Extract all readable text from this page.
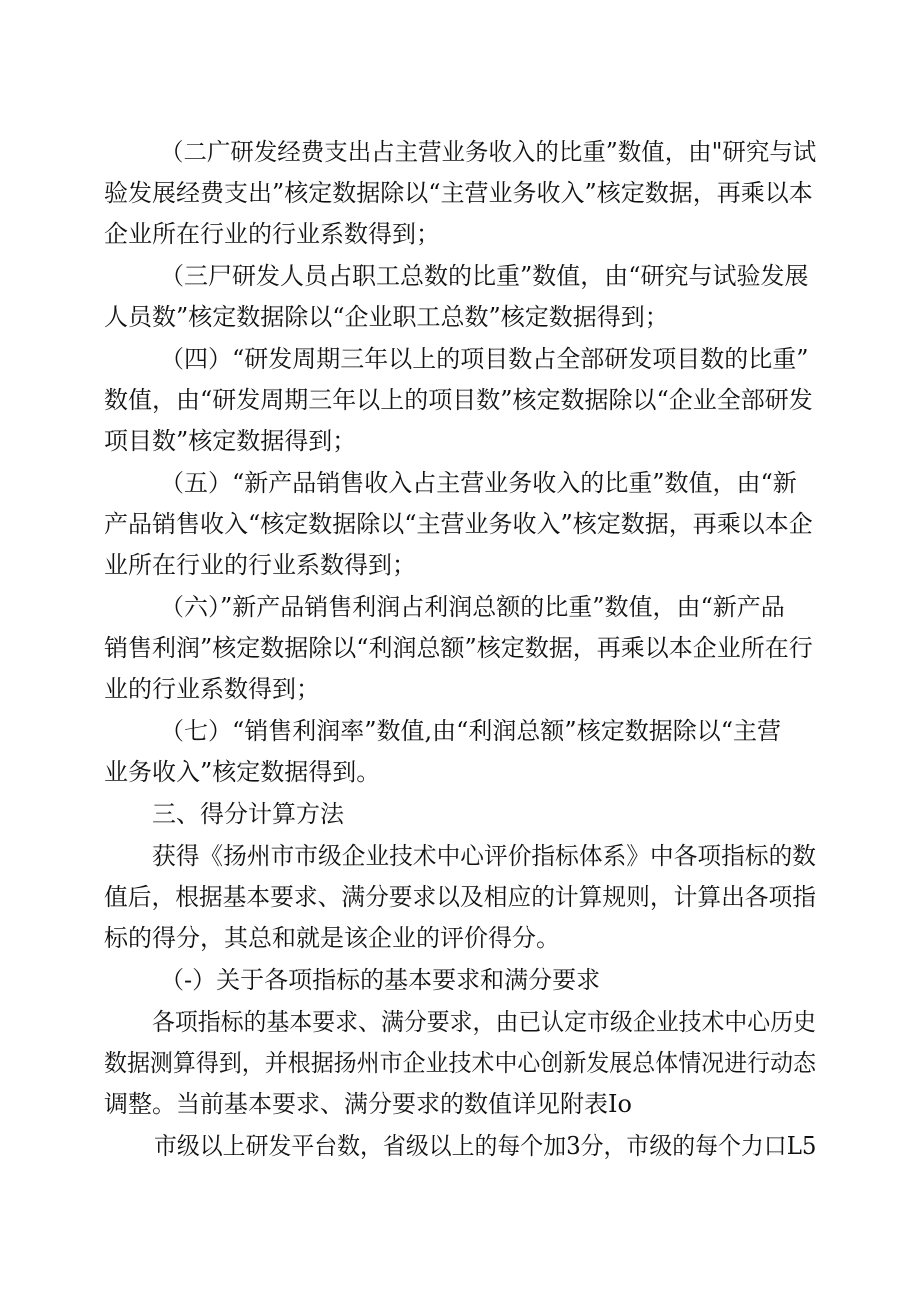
（二广研发经费支出占主营业务收入的比重”数值，由"研究与试
验发展经费支出”核定数据除以“主营业务收入”核定数据，再乘以本
企业所在行业的行业系数得到；
（三尸研发人员占职工总数的比重”数值，由“研究与试验发展
人员数”核定数据除以“企业职工总数”核定数据得到；
（四）“研发周期三年以上的项目数占全部研发项目数的比重”
数值，由“研发周期三年以上的项目数”核定数据除以“企业全部研发
项目数”核定数据得到；
（五）“新产品销售收入占主营业务收入的比重”数值，由“新
产品销售收入“核定数据除以“主营业务收入”核定数据，再乘以本企
业所在行业的行业系数得到；
（六）”新产品销售利润占利润总额的比重”数值，由“新产品
销售利润”核定数据除以“利润总额”核定数据，再乘以本企业所在行
业的行业系数得到；
（七）“销售利润率”数值,由“利润总额”核定数据除以“主营
业务收入”核定数据得到。
三、得分计算方法
获得《扬州市市级企业技术中心评价指标体系》中各项指标的数
值后，根据基本要求、满分要求以及相应的计算规则，计算出各项指
标的得分，其总和就是该企业的评价得分。
（-）关于各项指标的基本要求和满分要求
各项指标的基本要求、满分要求，由已认定市级企业技术中心历史
数据测算得到，并根据扬州市企业技术中心创新发展总体情况进行动态
调整。当前基本要求、满分要求的数值详见附表Io
市级以上研发平台数，省级以上的每个加3分，市级的每个力口L5
